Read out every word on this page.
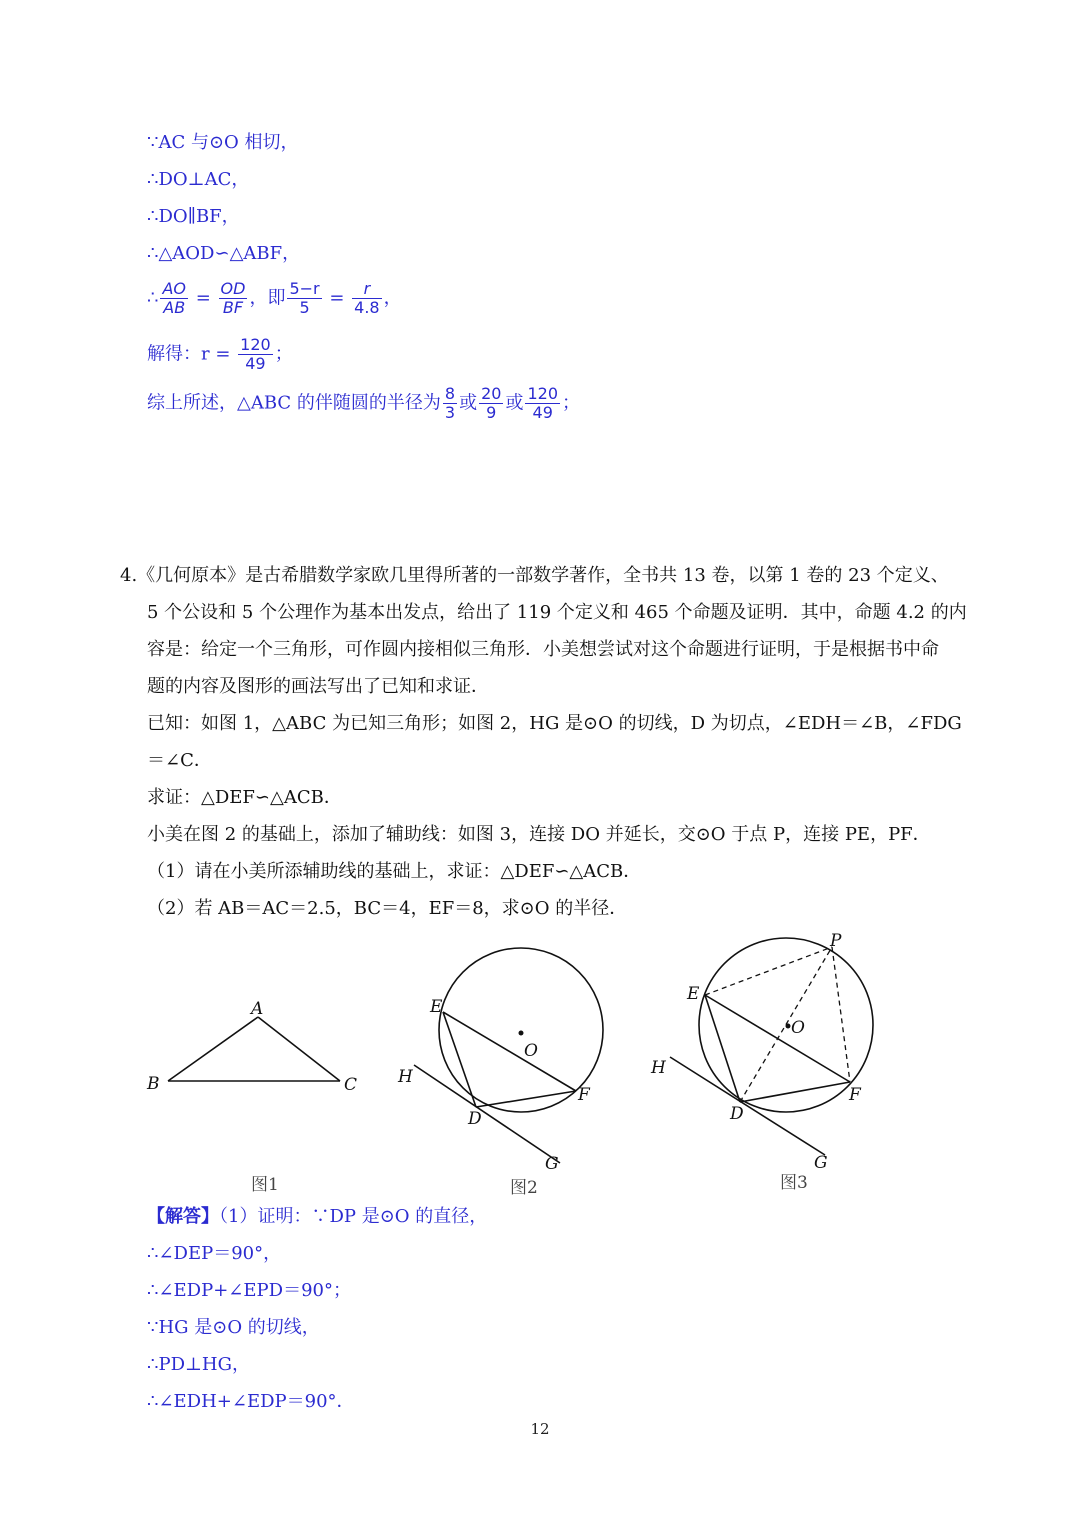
∵AC 与⊙O 相切，
∴DO⊥AC，
∴DO∥BF，
∴△AOD∽△ABF，
∴ $\frac{AO}{AB} = \frac{OD}{BF}$ ，即 $\frac{5-r}{5} = \frac{r}{4.8}$ ，
解得：$r = \frac{120}{49}$ ；
综上所述，△ABC 的伴随圆的半径为 $\frac{8}{3}$ 或 $\frac{20}{9}$ 或 $\frac{120}{49}$ ；
4.《几何原本》是古希腊数学家欧几里得所著的一部数学著作，全书共 13 卷，以第 1 卷的 23 个定义、
5 个公设和 5 个公理作为基本出发点，给出了 119 个定义和 465 个命题及证明．其中，命题 4.2 的内
容是：给定一个三角形，可作圆内接相似三角形．小美想尝试对这个命题进行证明，于是根据书中命
题的内容及图形的画法写出了已知和求证．
已知：如图 1，△ABC 为已知三角形；如图 2，HG 是⊙O 的切线，D 为切点，∠EDH＝∠B，∠FDG
＝∠C．
求证：△DEF∽△ACB．
小美在图 2 的基础上，添加了辅助线：如图 3，连接 DO 并延长，交⊙O 于点 P，连接 PE，PF．
（1）请在小美所添辅助线的基础上，求证：△DEF∽△ACB．
（2）若 AB＝AC＝2.5，BC＝4，EF＝8，求⊙O 的半径．
A
B	C
图1
E
O
H
D
F
G
图2
P
E
O
H
D
F
G
图3
【解答】（1）证明：∵DP 是⊙O 的直径，
∴∠DEP＝90°，
∴∠EDP+∠EPD＝90°；
∵HG 是⊙O 的切线，
∴PD⊥HG，
∴∠EDH+∠EDP＝90°．
12
